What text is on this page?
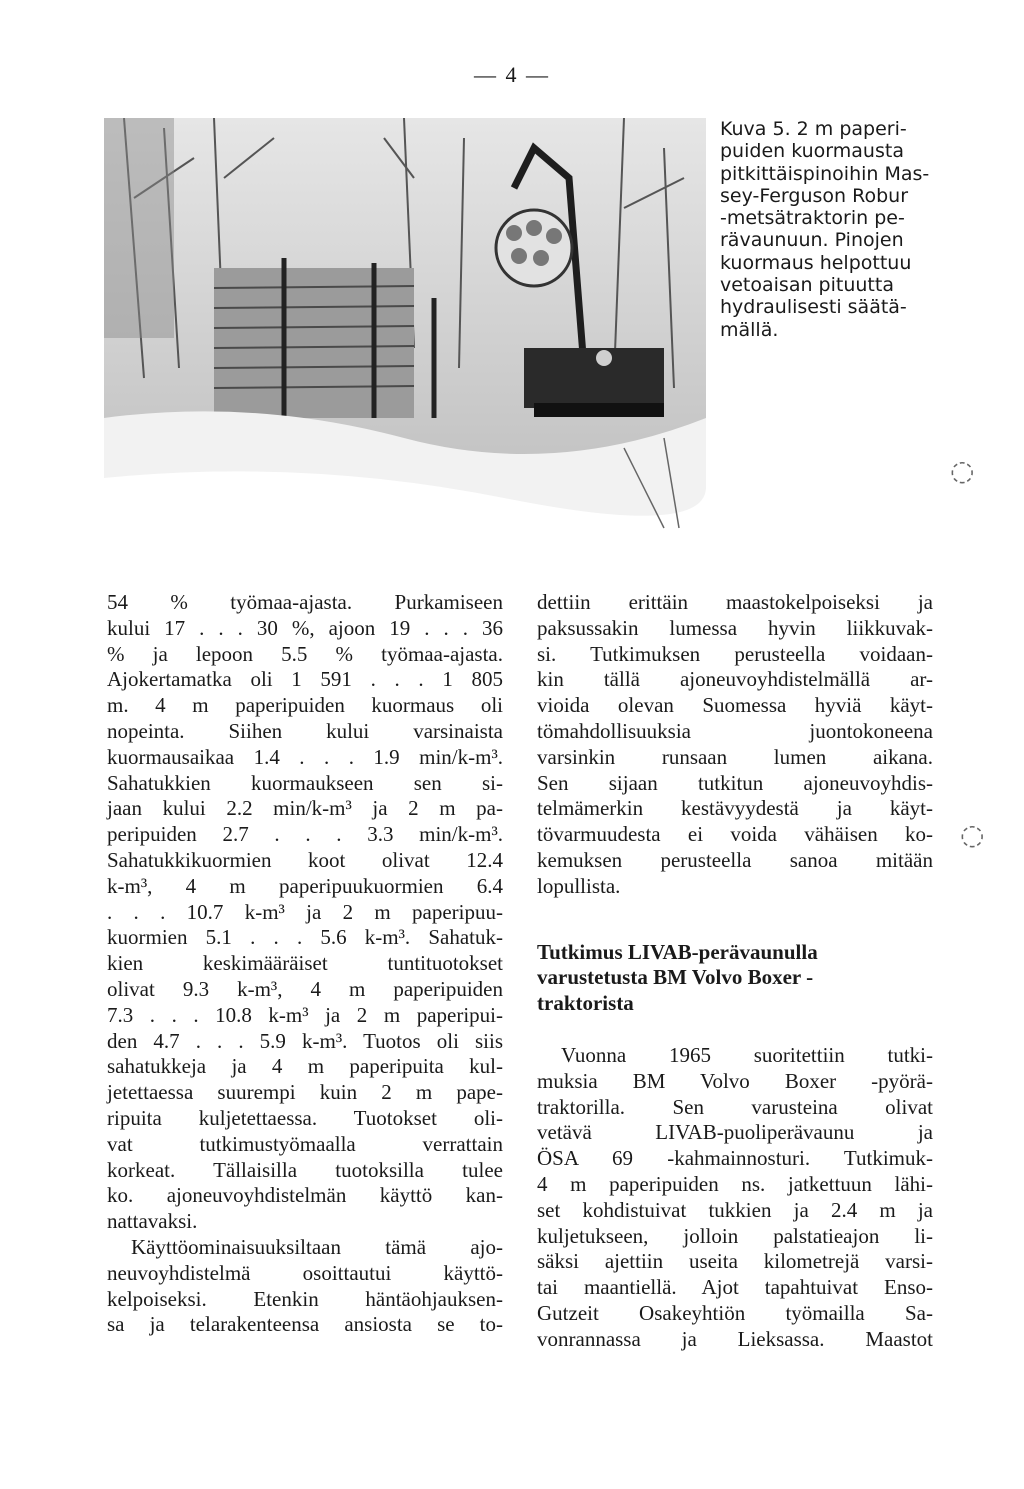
— 4 —
Kuva 5. 2 m paperi-
puiden kuormausta
pitkittäispinoihin Mas-
sey-Ferguson Robur
-metsätraktorin pe-
rävaunuun. Pinojen
kuormaus helpottuu
vetoaisan pituutta
hydraulisesti säätä-
mällä.
◌
◌
54 % työmaa-ajasta. Purkamiseen
kului 17 . . . 30 %, ajoon 19 . . . 36
% ja lepoon 5.5 % työmaa-ajasta.
Ajokertamatka oli 1 591 . . . 1 805
m. 4 m paperipuiden kuormaus oli
nopeinta. Siihen kului varsinaista
kuormausaikaa 1.4 . . . 1.9 min/k-m³.
Sahatukkien kuormaukseen sen si-
jaan kului 2.2 min/k-m³ ja 2 m pa-
peripuiden 2.7 . . . 3.3 min/k-m³.
Sahatukkikuormien koot olivat 12.4
k-m³, 4 m paperipuukuormien 6.4
. . . 10.7 k-m³ ja 2 m paperipuu-
kuormien 5.1 . . . 5.6 k-m³. Sahatuk-
kien keskimääräiset tuntituotokset
olivat 9.3 k-m³, 4 m paperipuiden
7.3 . . . 10.8 k-m³ ja 2 m paperipui-
den 4.7 . . . 5.9 k-m³. Tuotos oli siis
sahatukkeja ja 4 m paperipuita kul-
jetettaessa suurempi kuin 2 m pape-
ripuita kuljetettaessa. Tuotokset oli-
vat tutkimustyömaalla verrattain
korkeat. Tällaisilla tuotoksilla tulee
ko. ajoneuvoyhdistelmän käyttö kan-
nattavaksi.
Käyttöominaisuuksiltaan tämä ajo-
neuvoyhdistelmä osoittautui käyttö-
kelpoiseksi. Etenkin häntäohjauksen-
sa ja telarakenteensa ansiosta se to-
dettiin erittäin maastokelpoiseksi ja
paksussakin lumessa hyvin liikkuvak-
si. Tutkimuksen perusteella voidaan-
kin tällä ajoneuvoyhdistelmällä ar-
vioida olevan Suomessa hyviä käyt-
tömahdollisuuksia juontokoneena
varsinkin runsaan lumen aikana.
Sen sijaan tutkitun ajoneuvoyhdis-
telmämerkin kestävyydestä ja käyt-
tövarmuudesta ei voida vähäisen ko-
kemuksen perusteella sanoa mitään
lopullista.
Tutkimus LIVAB-perävaunulla
varustetusta BM Volvo Boxer -
traktorista
Vuonna 1965 suoritettiin tutki-
muksia BM Volvo Boxer -pyörä-
traktorilla. Sen varusteina olivat
vetävä LIVAB-puoliperävaunu ja
ÖSA 69 -kahmainnosturi. Tutkimuk-
4 m paperipuiden ns. jatkettuun lähi-
set kohdistuivat tukkien ja 2.4 m ja
kuljetukseen, jolloin palstatieajon li-
säksi ajettiin useita kilometrejä varsi-
tai maantiellä. Ajot tapahtuivat Enso-
Gutzeit Osakeyhtiön työmailla Sa-
vonrannassa ja Lieksassa. Maastot
